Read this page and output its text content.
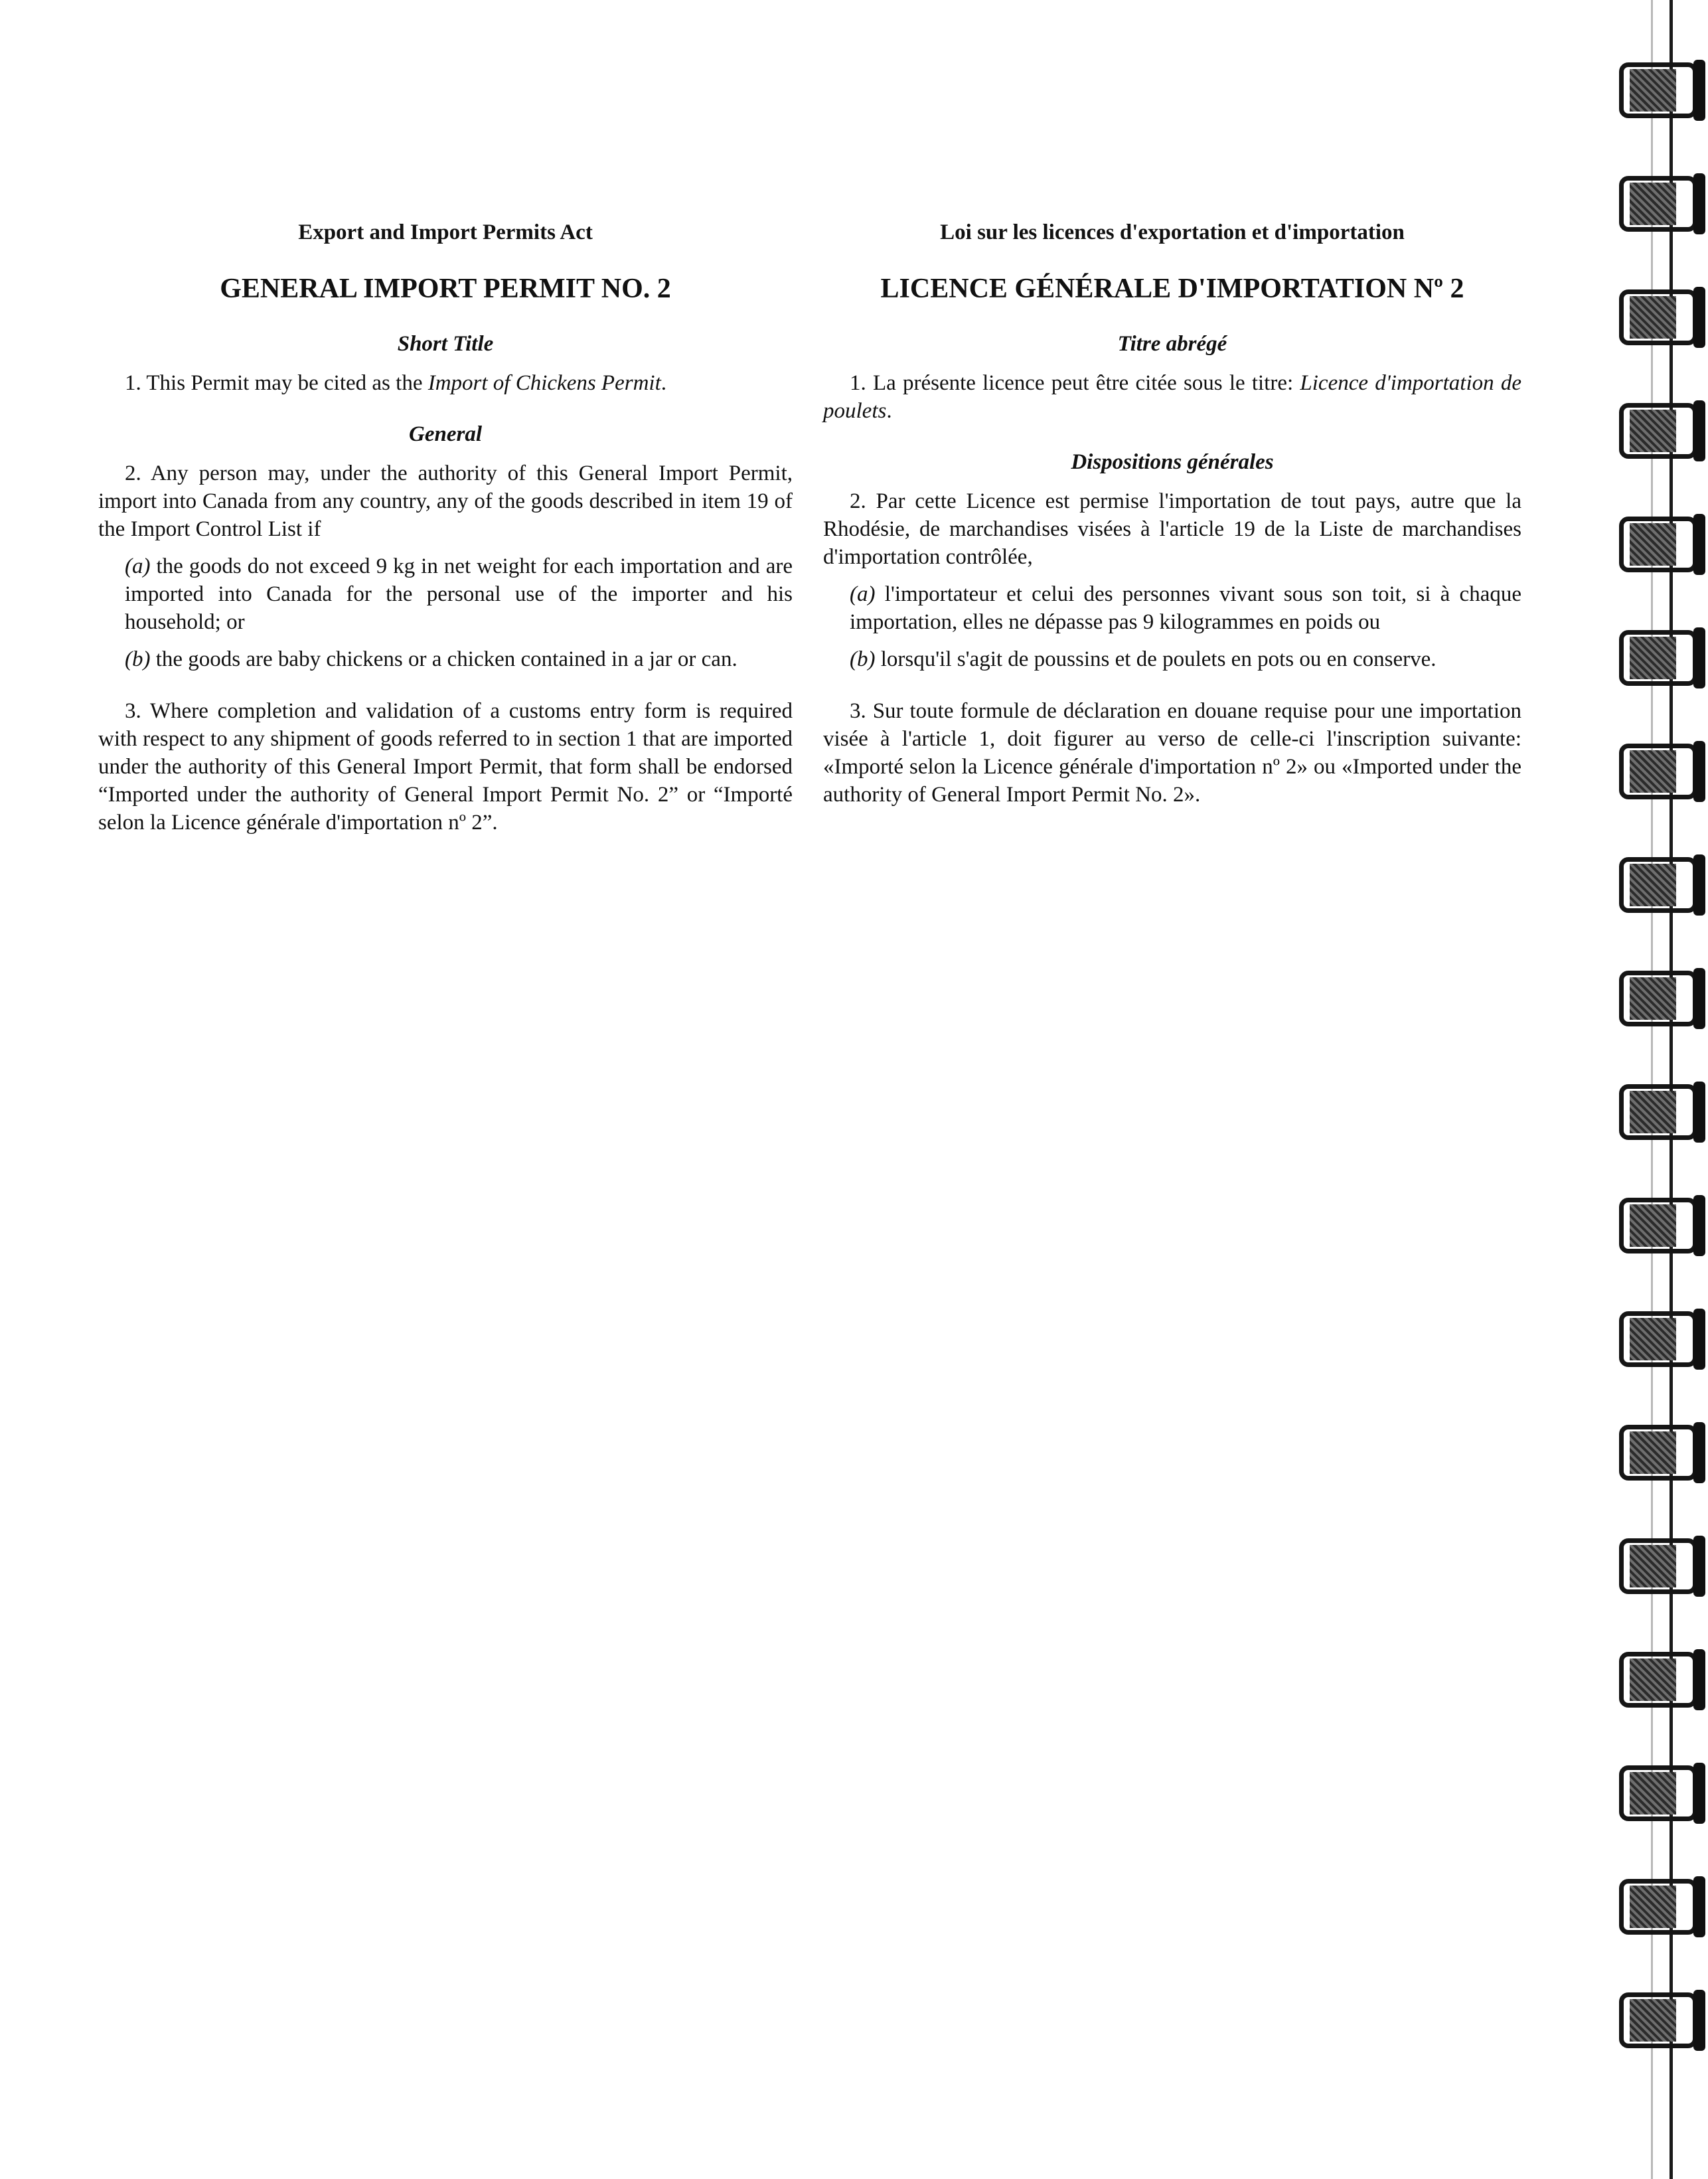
Export and Import Permits Act
GENERAL IMPORT PERMIT NO. 2
Short Title

1. This Permit may be cited as the Import of Chickens Permit.

General

2. Any person may, under the authority of this General Import Permit, import into Canada from any country, any of the goods described in item 19 of the Import Control List if

(a) the goods do not exceed 9 kg in net weight for each importation and are imported into Canada for the personal use of the importer and his household; or

(b) the goods are baby chickens or a chicken contained in a jar or can.

3. Where completion and validation of a customs entry form is required with respect to any shipment of goods referred to in section 1 that are imported under the authority of this General Import Permit, that form shall be endorsed “Imported under the authority of General Import Permit No. 2” or “Importé selon la Licence générale d'importation nº 2”.

Loi sur les licences d'exportation et d'importation
LICENCE GÉNÉRALE D'IMPORTATION Nº 2
Titre abrégé

1. La présente licence peut être citée sous le titre: Licence d'importation de poulets.

Dispositions générales

2. Par cette Licence est permise l'importation de tout pays, autre que la Rhodésie, de marchandises visées à l'article 19 de la Liste de marchandises d'importation contrôlée,

(a) l'importateur et celui des personnes vivant sous son toit, si à chaque importation, elles ne dépasse pas 9 kilogrammes en poids ou

(b) lorsqu'il s'agit de poussins et de poulets en pots ou en conserve.

3. Sur toute formule de déclaration en douane requise pour une importation visée à l'article 1, doit figurer au verso de celle-ci l'inscription suivante: «Importé selon la Licence générale d'importation nº 2» ou «Imported under the authority of General Import Permit No. 2».
